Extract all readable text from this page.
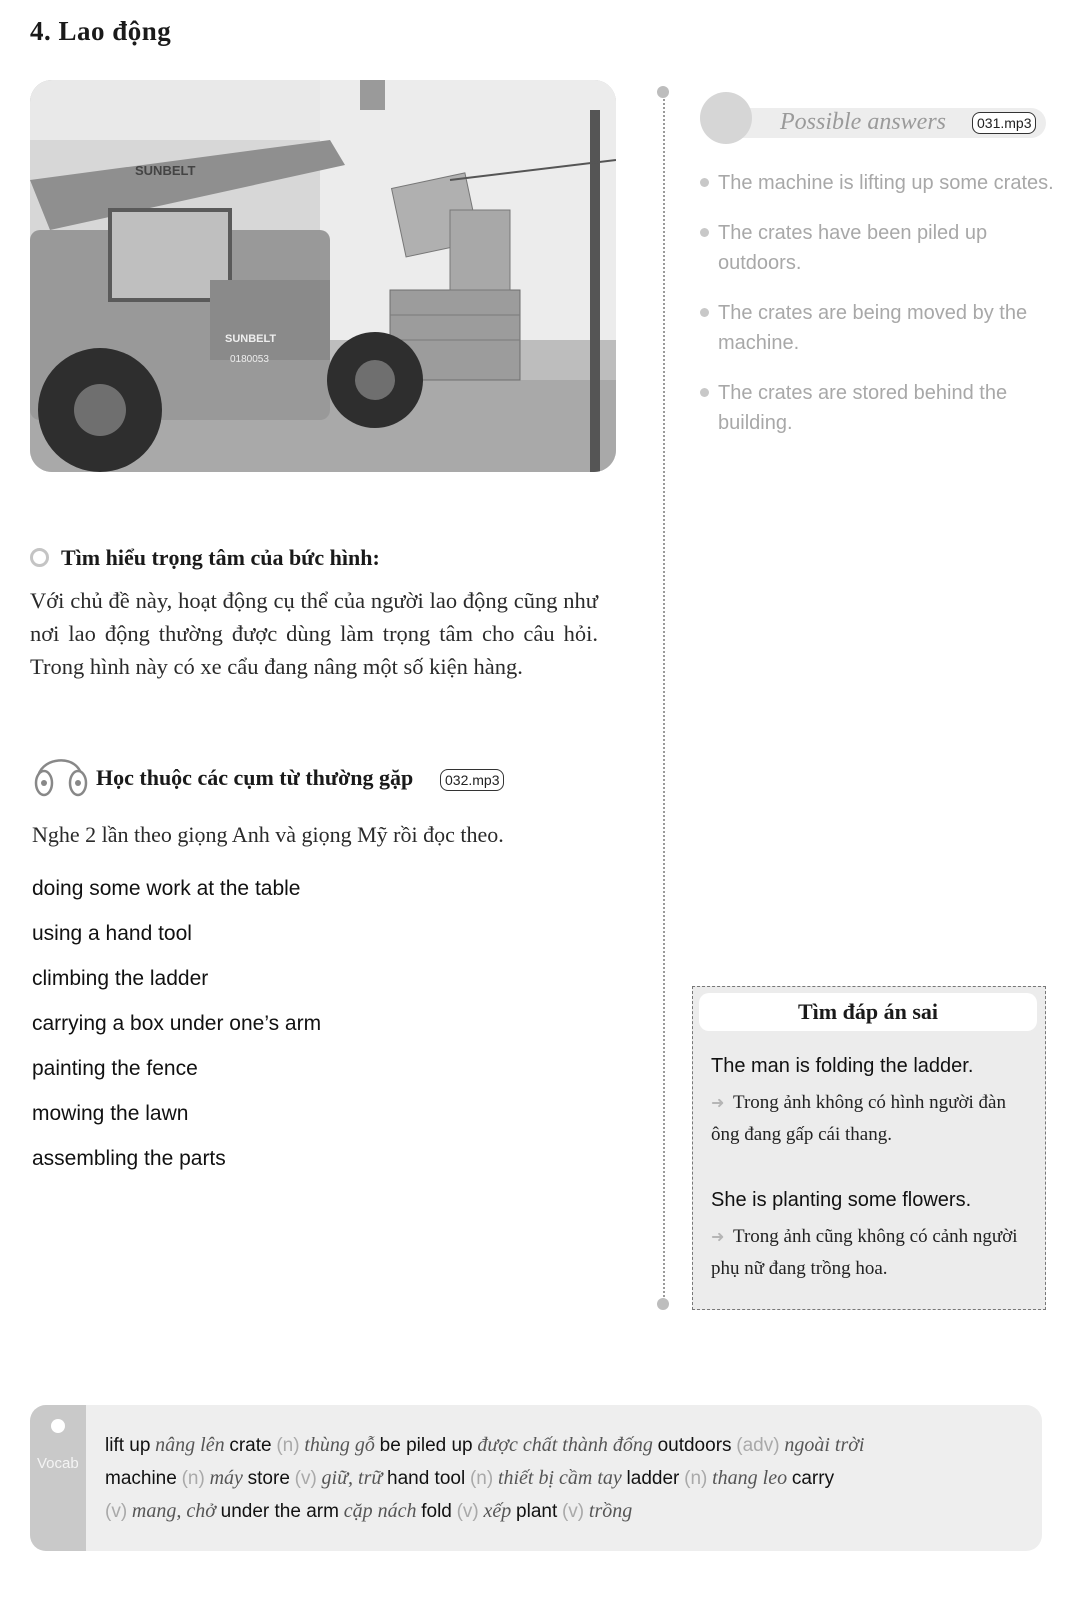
4. Lao động
SUNBELT
SUNBELT
0180053
Possible answers	031.mp3
The machine is lifting up some crates.
The crates have been piled up outdoors.
The crates are being moved by the machine.
The crates are stored behind the building.
Tìm hiểu trọng tâm của bức hình:
Với chủ đề này, hoạt động cụ thể của người lao động cũng như nơi lao động thường được dùng làm trọng tâm cho câu hỏi. Trong hình này có xe cẩu đang nâng một số kiện hàng.
Học thuộc các cụm từ thường gặp	032.mp3
Nghe 2 lần theo giọng Anh và giọng Mỹ rồi đọc theo.
doing some work at the table
using a hand tool
climbing the ladder
carrying a box under one’s arm
painting the fence
mowing the lawn
assembling the parts
Tìm đáp án sai
The man is folding the ladder.
➜ Trong ảnh không có hình người đàn ông đang gấp cái thang.
She is planting some flowers.
➜ Trong ảnh cũng không có cảnh người phụ nữ đang trồng hoa.
Vocab
lift up nâng lên crate (n) thùng gỗ be piled up được chất thành đống outdoors (adv) ngoài trời
machine (n) máy store (v) giữ, trữ hand tool (n) thiết bị cầm tay ladder (n) thang leo carry
(v) mang, chở under the arm cặp nách fold (v) xếp plant (v) trồng
